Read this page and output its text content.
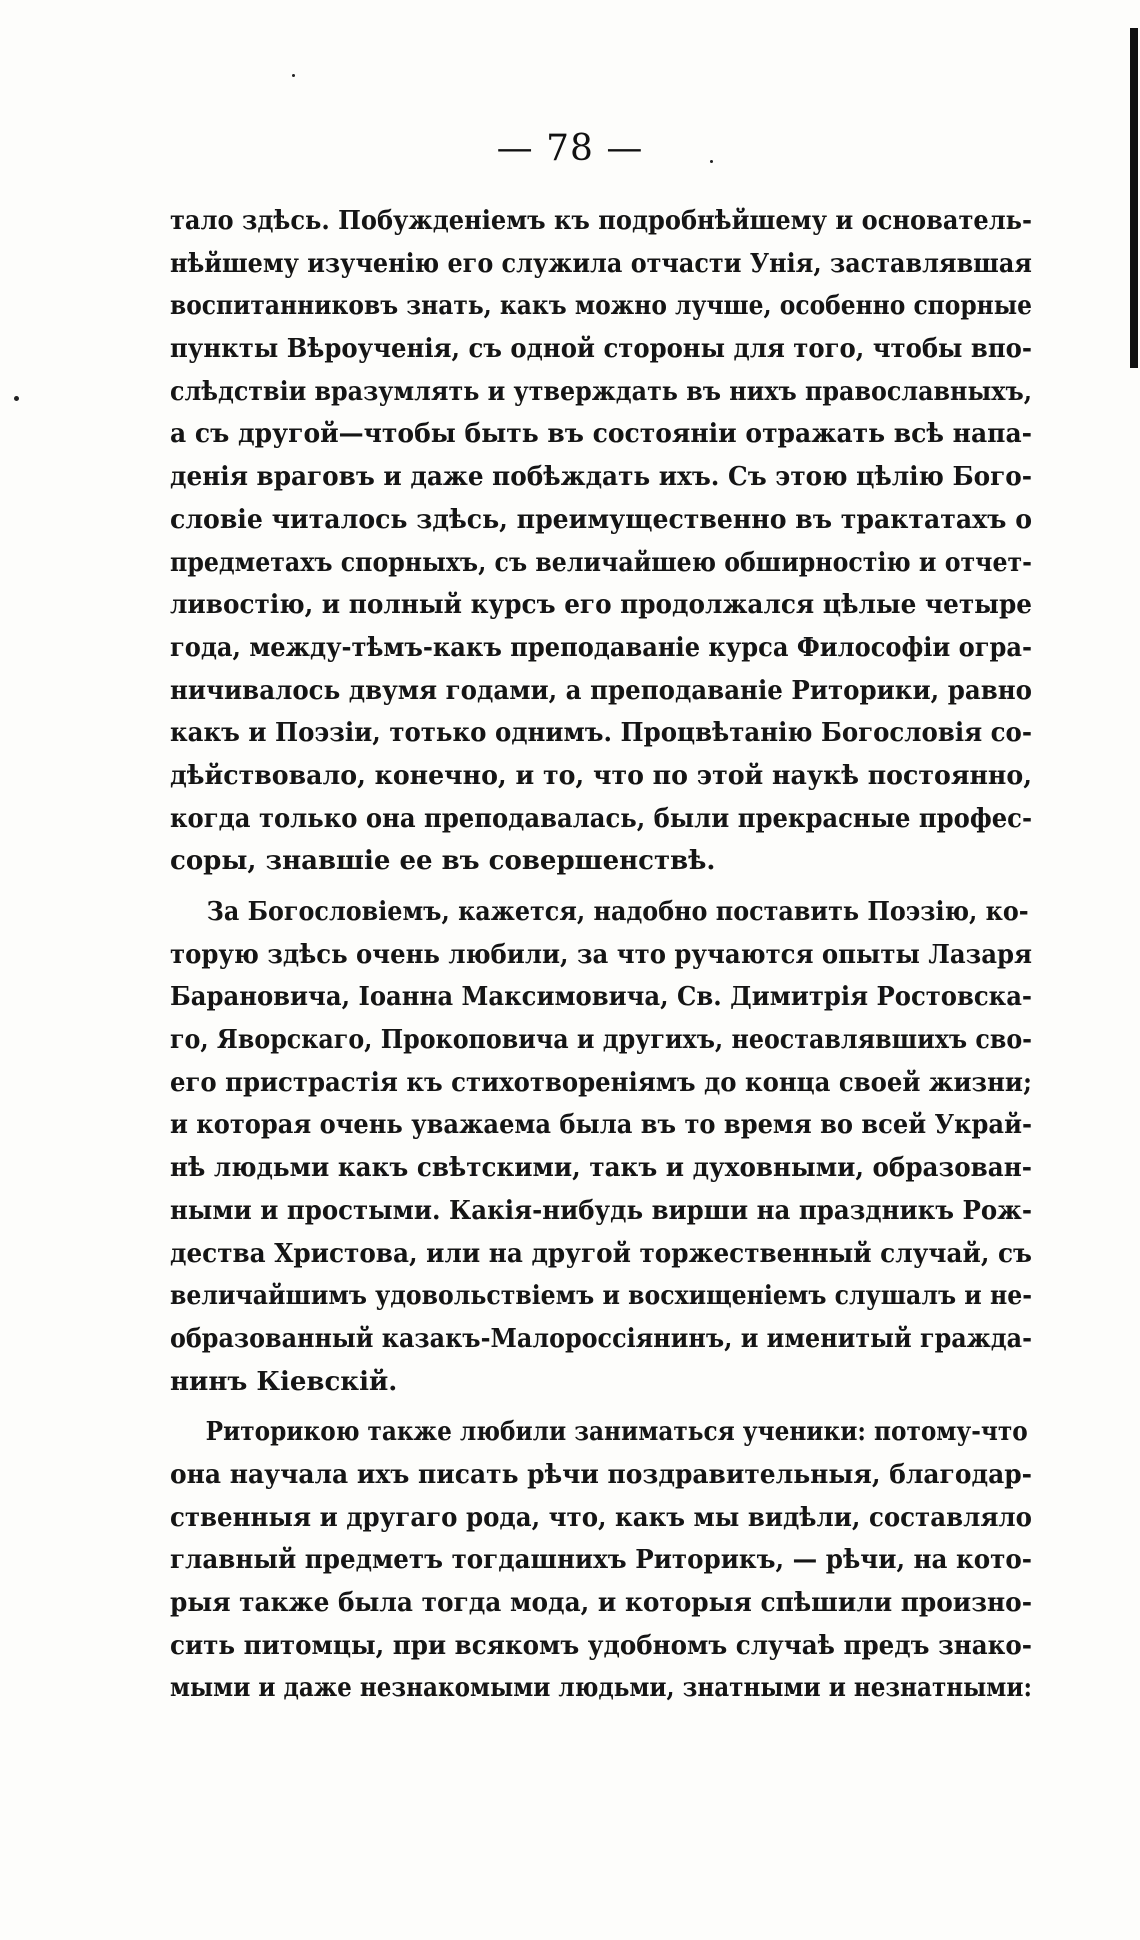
— 78 —
тало здѣсь. Побужденіемъ къ подробнѣйшему и основатель-
нѣйшему изученію его служила отчасти Унія, заставлявшая
воспитанниковъ знать, какъ можно лучше, особенно спорные
пункты Вѣроученія, съ одной стороны для того, чтобы впо-
слѣдствіи вразумлять и утверждать въ нихъ православныхъ,
а съ другой—чтобы быть въ состояніи отражать всѣ напа-
денія враговъ и даже побѣждать ихъ. Съ этою цѣлію Бого-
словіе читалось здѣсь, преимущественно въ трактатахъ о
предметахъ спорныхъ, съ величайшею обширностію и отчет-
ливостію, и полный курсъ его продолжался цѣлые четыре
года, между-тѣмъ-какъ преподаваніе курса Философіи огра-
ничивалось двумя годами, а преподаваніе Риторики, равно
какъ и Поэзіи, тотько однимъ. Процвѣтанію Богословія со-
дѣйствовало, конечно, и то, что по этой наукѣ постоянно,
когда только она преподавалась, были прекрасные профес-
соры, знавшіе ее въ совершенствѣ.
За Богословіемъ, кажется, надобно поставить Поэзію, ко-
торую здѣсь очень любили, за что ручаются опыты Лазаря
Барановича, Іоанна Максимовича, Св. Димитрія Ростовска-
го, Яворскаго, Прокоповича и другихъ, неоставлявшихъ сво-
его пристрастія къ стихотвореніямъ до конца своей жизни;
и которая очень уважаема была въ то время во всей Украй-
нѣ людьми какъ свѣтскими, такъ и духовными, образован-
ными и простыми. Какія-нибудь вирши на праздникъ Рож-
дества Христова, или на другой торжественный случай, съ
величайшимъ удовольствіемъ и восхищеніемъ слушалъ и не-
образованный казакъ-Малороссіянинъ, и именитый гражда-
нинъ Кіевскій.
Риторикою также любили заниматься ученики: потому-что
она научала ихъ писать рѣчи поздравительныя, благодар-
ственныя и другаго рода, что, какъ мы видѣли, составляло
главный предметъ тогдашнихъ Риторикъ, — рѣчи, на кото-
рыя также была тогда мода, и которыя спѣшили произно-
сить питомцы, при всякомъ удобномъ случаѣ предъ знако-
мыми и даже незнакомыми людьми, знатными и незнатными:
